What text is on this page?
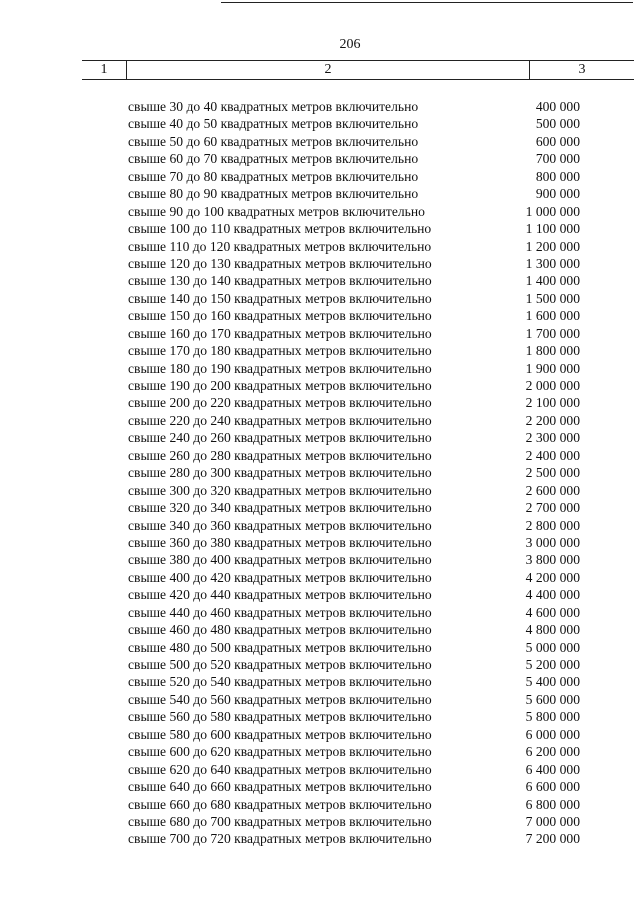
206
1	2	3
свыше 30 до 40 квадратных метров включительно	400 000
свыше 40 до 50 квадратных метров включительно	500 000
свыше 50 до 60 квадратных метров включительно	600 000
свыше 60 до 70 квадратных метров включительно	700 000
свыше 70 до 80 квадратных метров включительно	800 000
свыше 80 до 90 квадратных метров включительно	900 000
свыше 90 до 100 квадратных метров включительно	1 000 000
свыше 100 до 110 квадратных метров включительно	1 100 000
свыше 110 до 120 квадратных метров включительно	1 200 000
свыше 120 до 130 квадратных метров включительно	1 300 000
свыше 130 до 140 квадратных метров включительно	1 400 000
свыше 140 до 150 квадратных метров включительно	1 500 000
свыше 150 до 160 квадратных метров включительно	1 600 000
свыше 160 до 170 квадратных метров включительно	1 700 000
свыше 170 до 180 квадратных метров включительно	1 800 000
свыше 180 до 190 квадратных метров включительно	1 900 000
свыше 190 до 200 квадратных метров включительно	2 000 000
свыше 200 до 220 квадратных метров включительно	2 100 000
свыше 220 до 240 квадратных метров включительно	2 200 000
свыше 240 до 260 квадратных метров включительно	2 300 000
свыше 260 до 280 квадратных метров включительно	2 400 000
свыше 280 до 300 квадратных метров включительно	2 500 000
свыше 300 до 320 квадратных метров включительно	2 600 000
свыше 320 до 340 квадратных метров включительно	2 700 000
свыше 340 до 360 квадратных метров включительно	2 800 000
свыше 360 до 380 квадратных метров включительно	3 000 000
свыше 380 до 400 квадратных метров включительно	3 800 000
свыше 400 до 420 квадратных метров включительно	4 200 000
свыше 420 до 440 квадратных метров включительно	4 400 000
свыше 440 до 460 квадратных метров включительно	4 600 000
свыше 460 до 480 квадратных метров включительно	4 800 000
свыше 480 до 500 квадратных метров включительно	5 000 000
свыше 500 до 520 квадратных метров включительно	5 200 000
свыше 520 до 540 квадратных метров включительно	5 400 000
свыше 540 до 560 квадратных метров включительно	5 600 000
свыше 560 до 580 квадратных метров включительно	5 800 000
свыше 580 до 600 квадратных метров включительно	6 000 000
свыше 600 до 620 квадратных метров включительно	6 200 000
свыше 620 до 640 квадратных метров включительно	6 400 000
свыше 640 до 660 квадратных метров включительно	6 600 000
свыше 660 до 680 квадратных метров включительно	6 800 000
свыше 680 до 700 квадратных метров включительно	7 000 000
свыше 700 до 720 квадратных метров включительно	7 200 000
